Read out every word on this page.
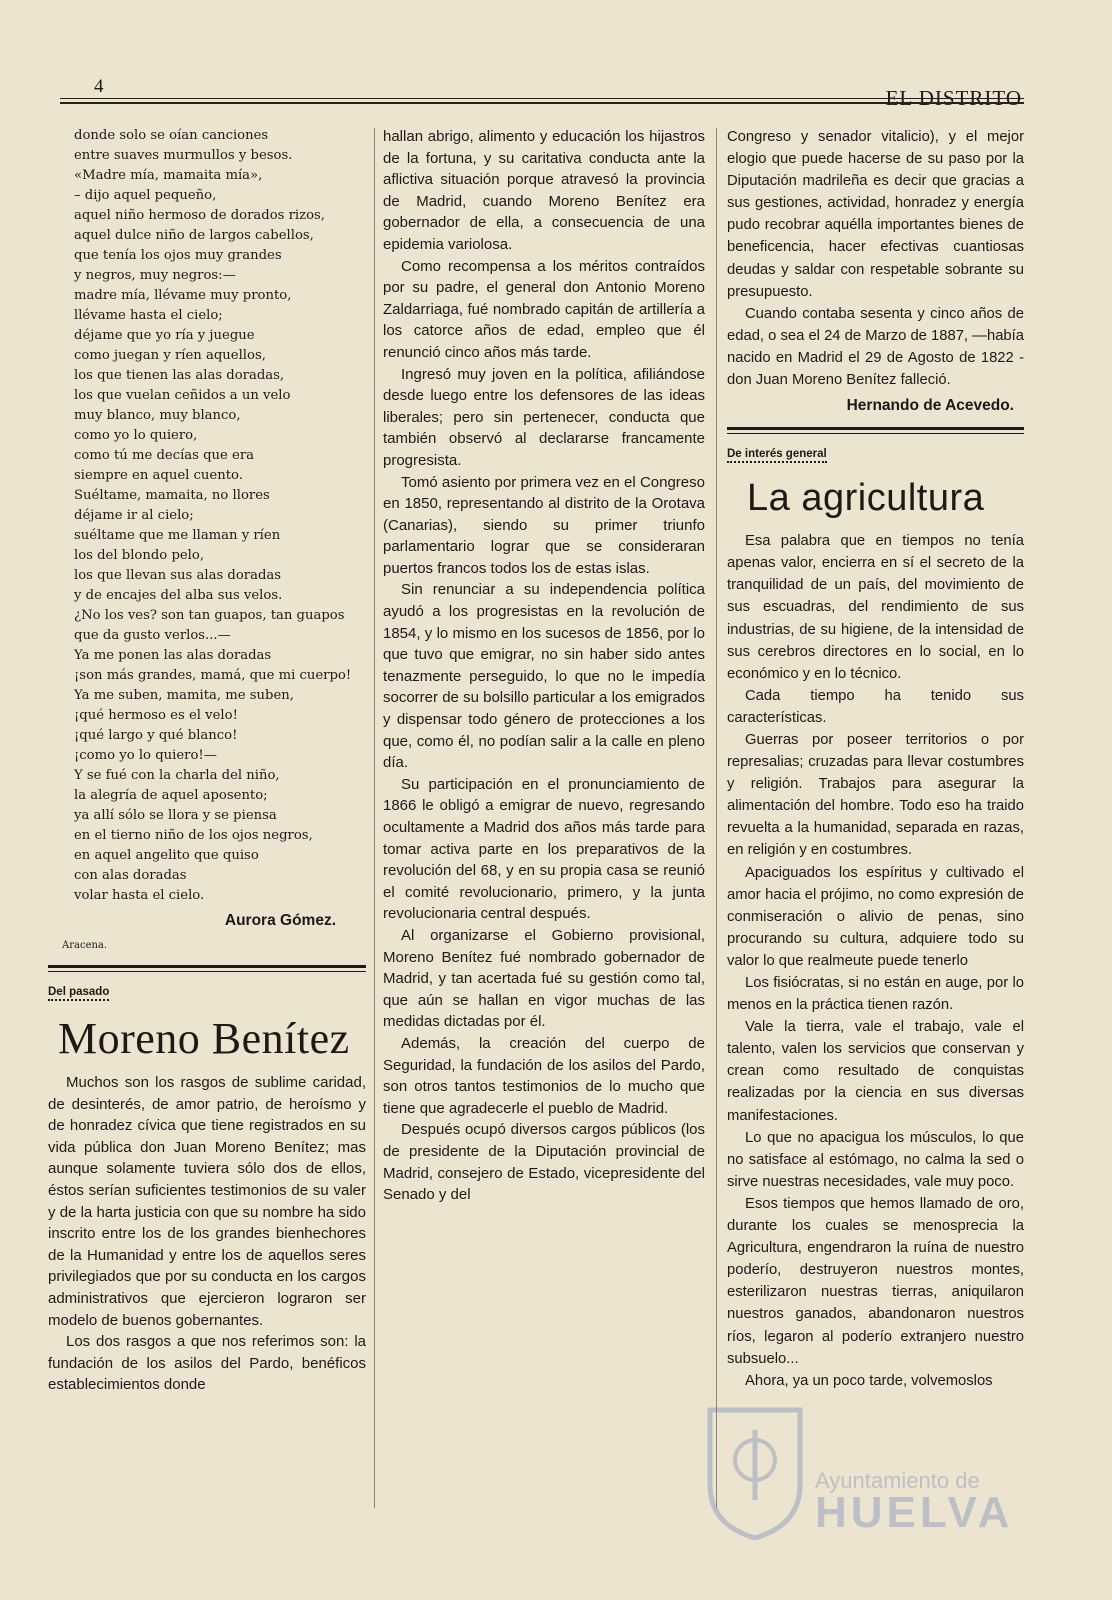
4	EL DISTRITO
donde solo se oían canciones
entre suaves murmullos y besos.
«Madre mía, mamaita mía»,
– dijo aquel pequeño,
aquel niño hermoso de dorados rizos,
aquel dulce niño de largos cabellos,
que tenía los ojos muy grandes
y negros, muy negros:—
madre mía, llévame muy pronto,
llévame hasta el cielo;
déjame que yo ría y juegue
como juegan y ríen aquellos,
los que tienen las alas doradas,
los que vuelan ceñidos a un velo
muy blanco, muy blanco,
como yo lo quiero,
como tú me decías que era
siempre en aquel cuento.
Suéltame, mamaita, no llores
déjame ir al cielo;
suéltame que me llaman y ríen
los del blondo pelo,
los que llevan sus alas doradas
y de encajes del alba sus velos.
¿No los ves? son tan guapos, tan guapos
que da gusto verlos...—
Ya me ponen las alas doradas
¡son más grandes, mamá, que mi cuerpo!
Ya me suben, mamita, me suben,
¡qué hermoso es el velo!
¡qué largo y qué blanco!
¡como yo lo quiero!—
Y se fué con la charla del niño,
la alegría de aquel aposento;
ya allí sólo se llora y se piensa
en el tierno niño de los ojos negros,
en aquel angelito que quiso
con alas doradas
volar hasta el cielo.
Aurora Gómez.
Aracena.
Del pasado
Moreno Benítez

Muchos son los rasgos de sublime caridad, de desinterés, de amor patrio, de heroísmo y de honradez cívica que tiene registrados en su vida pública don Juan Moreno Benítez; mas aunque solamente tuviera sólo dos de ellos, éstos serían suficientes testimonios de su valer y de la harta justicia con que su nombre ha sido inscrito entre los de los grandes bienhechores de la Humanidad y entre los de aquellos seres privilegiados que por su conducta en los cargos administrativos que ejercieron lograron ser modelo de buenos gobernantes.

Los dos rasgos a que nos referimos son: la fundación de los asilos del Pardo, benéficos establecimientos donde

hallan abrigo, alimento y educación los hijastros de la fortuna, y su caritativa conducta ante la aflictiva situación porque atravesó la provincia de Madrid, cuando Moreno Benítez era gobernador de ella, a consecuencia de una epidemia variolosa.

Como recompensa a los méritos contraídos por su padre, el general don Antonio Moreno Zaldarriaga, fué nombrado capitán de artillería a los catorce años de edad, empleo que él renunció cinco años más tarde.

Ingresó muy joven en la política, afiliándose desde luego entre los defensores de las ideas liberales; pero sin pertenecer, conducta que también observó al declararse francamente progresista.

Tomó asiento por primera vez en el Congreso en 1850, representando al distrito de la Orotava (Canarias), siendo su primer triunfo parlamentario lograr que se consideraran puertos francos todos los de estas islas.

Sin renunciar a su independencia política ayudó a los progresistas en la revolución de 1854, y lo mismo en los sucesos de 1856, por lo que tuvo que emigrar, no sin haber sido antes tenazmente perseguido, lo que no le impedía socorrer de su bolsillo particular a los emigrados y dispensar todo género de protecciones a los que, como él, no podían salir a la calle en pleno día.

Su participación en el pronunciamiento de 1866 le obligó a emigrar de nuevo, regresando ocultamente a Madrid dos años más tarde para tomar activa parte en los preparativos de la revolución del 68, y en su propia casa se reunió el comité revolucionario, primero, y la junta revolucionaria central después.

Al organizarse el Gobierno provisional, Moreno Benítez fué nombrado gobernador de Madrid, y tan acertada fué su gestión como tal, que aún se hallan en vigor muchas de las medidas dictadas por él.

Además, la creación del cuerpo de Seguridad, la fundación de los asilos del Pardo, son otros tantos testimonios de lo mucho que tiene que agradecerle el pueblo de Madrid.

Después ocupó diversos cargos públicos (los de presidente de la Diputación provincial de Madrid, consejero de Estado, vicepresidente del Senado y del

Congreso y senador vitalicio), y el mejor elogio que puede hacerse de su paso por la Diputación madrileña es decir que gracias a sus gestiones, actividad, honradez y energía pudo recobrar aquélla importantes bienes de beneficencia, hacer efectivas cuantiosas deudas y saldar con respetable sobrante su presupuesto.

Cuando contaba sesenta y cinco años de edad, o sea el 24 de Marzo de 1887, —había nacido en Madrid el 29 de Agosto de 1822 - don Juan Moreno Benítez falleció.

Hernando de Acevedo.
De interés general
La agricultura

Esa palabra que en tiempos no tenía apenas valor, encierra en sí el secreto de la tranquilidad de un país, del movimiento de sus escuadras, del rendimiento de sus industrias, de su higiene, de la intensidad de sus cerebros directores en lo social, en lo económico y en lo técnico.

Cada tiempo ha tenido sus características.

Guerras por poseer territorios o por represalias; cruzadas para llevar costumbres y religión. Trabajos para asegurar la alimentación del hombre. Todo eso ha traido revuelta a la humanidad, separada en razas, en religión y en costumbres.

Apaciguados los espíritus y cultivado el amor hacia el prójimo, no como expresión de conmiseración o alivio de penas, sino procurando su cultura, adquiere todo su valor lo que realmeute puede tenerlo

Los fisiócratas, si no están en auge, por lo menos en la práctica tienen razón.

Vale la tierra, vale el trabajo, vale el talento, valen los servicios que conservan y crean como resultado de conquistas realizadas por la ciencia en sus diversas manifestaciones.

Lo que no apacigua los músculos, lo que no satisface al estómago, no calma la sed o sirve nuestras necesidades, vale muy poco.

Esos tiempos que hemos llamado de oro, durante los cuales se menosprecia la Agricultura, engendraron la ruína de nuestro poderío, destruyeron nuestros montes, esterilizaron nuestras tierras, aniquilaron nuestros ganados, abandonaron nuestros ríos, legaron al poderío extranjero nuestro subsuelo...

Ahora, ya un poco tarde, volvemoslos

Ayuntamiento de
HUELVA
